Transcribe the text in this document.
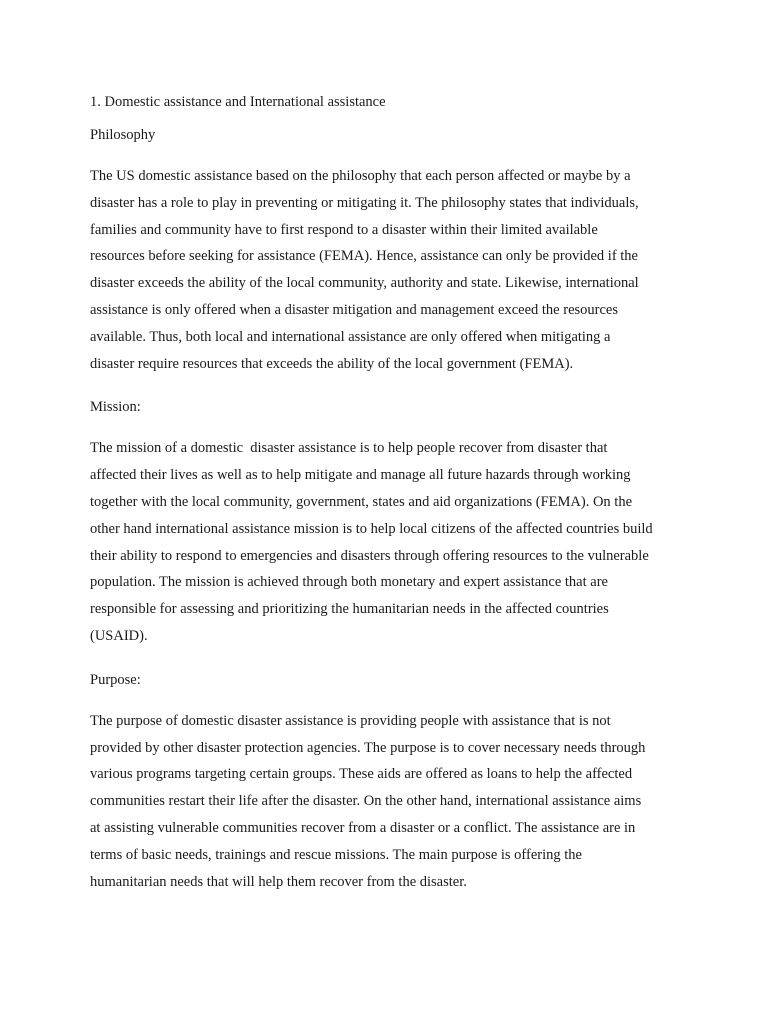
1. Domestic assistance and International assistance

Philosophy

The US domestic assistance based on the philosophy that each person affected or maybe by a
disaster has a role to play in preventing or mitigating it. The philosophy states that individuals,
families and community have to first respond to a disaster within their limited available
resources before seeking for assistance (FEMA). Hence, assistance can only be provided if the
disaster exceeds the ability of the local community, authority and state. Likewise, international
assistance is only offered when a disaster mitigation and management exceed the resources
available. Thus, both local and international assistance are only offered when mitigating a
disaster require resources that exceeds the ability of the local government (FEMA).

Mission:

The mission of a domestic  disaster assistance is to help people recover from disaster that
affected their lives as well as to help mitigate and manage all future hazards through working
together with the local community, government, states and aid organizations (FEMA). On the
other hand international assistance mission is to help local citizens of the affected countries build
their ability to respond to emergencies and disasters through offering resources to the vulnerable
population. The mission is achieved through both monetary and expert assistance that are
responsible for assessing and prioritizing the humanitarian needs in the affected countries
(USAID).

Purpose:

The purpose of domestic disaster assistance is providing people with assistance that is not
provided by other disaster protection agencies. The purpose is to cover necessary needs through
various programs targeting certain groups. These aids are offered as loans to help the affected
communities restart their life after the disaster. On the other hand, international assistance aims
at assisting vulnerable communities recover from a disaster or a conflict. The assistance are in
terms of basic needs, trainings and rescue missions. The main purpose is offering the
humanitarian needs that will help them recover from the disaster.
